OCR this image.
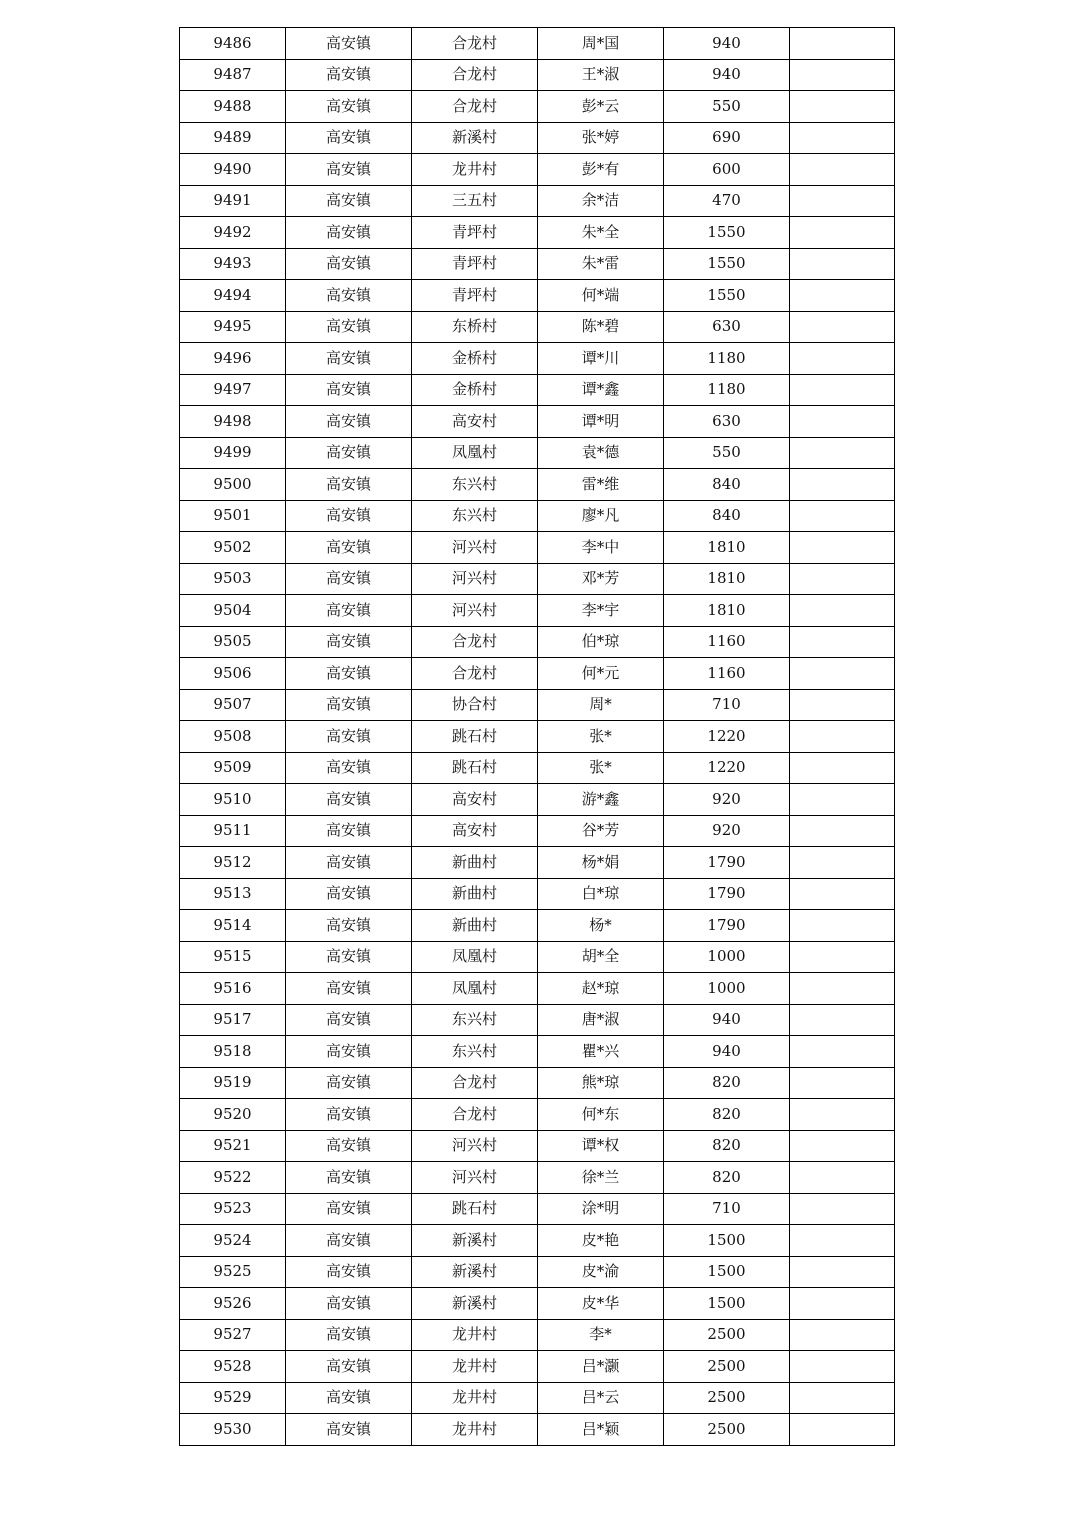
9486	高安镇	合龙村	周*国	940	
9487	高安镇	合龙村	王*淑	940	
9488	高安镇	合龙村	彭*云	550	
9489	高安镇	新溪村	张*婷	690	
9490	高安镇	龙井村	彭*有	600	
9491	高安镇	三五村	余*洁	470	
9492	高安镇	青坪村	朱*全	1550	
9493	高安镇	青坪村	朱*雷	1550	
9494	高安镇	青坪村	何*端	1550	
9495	高安镇	东桥村	陈*碧	630	
9496	高安镇	金桥村	谭*川	1180	
9497	高安镇	金桥村	谭*鑫	1180	
9498	高安镇	高安村	谭*明	630	
9499	高安镇	凤凰村	袁*德	550	
9500	高安镇	东兴村	雷*维	840	
9501	高安镇	东兴村	廖*凡	840	
9502	高安镇	河兴村	李*中	1810	
9503	高安镇	河兴村	邓*芳	1810	
9504	高安镇	河兴村	李*宇	1810	
9505	高安镇	合龙村	伯*琼	1160	
9506	高安镇	合龙村	何*元	1160	
9507	高安镇	协合村	周*	710	
9508	高安镇	跳石村	张*	1220	
9509	高安镇	跳石村	张*	1220	
9510	高安镇	高安村	游*鑫	920	
9511	高安镇	高安村	谷*芳	920	
9512	高安镇	新曲村	杨*娟	1790	
9513	高安镇	新曲村	白*琼	1790	
9514	高安镇	新曲村	杨*	1790	
9515	高安镇	凤凰村	胡*全	1000	
9516	高安镇	凤凰村	赵*琼	1000	
9517	高安镇	东兴村	唐*淑	940	
9518	高安镇	东兴村	瞿*兴	940	
9519	高安镇	合龙村	熊*琼	820	
9520	高安镇	合龙村	何*东	820	
9521	高安镇	河兴村	谭*权	820	
9522	高安镇	河兴村	徐*兰	820	
9523	高安镇	跳石村	涂*明	710	
9524	高安镇	新溪村	皮*艳	1500	
9525	高安镇	新溪村	皮*渝	1500	
9526	高安镇	新溪村	皮*华	1500	
9527	高安镇	龙井村	李*	2500	
9528	高安镇	龙井村	吕*灏	2500	
9529	高安镇	龙井村	吕*云	2500	
9530	高安镇	龙井村	吕*颖	2500	
